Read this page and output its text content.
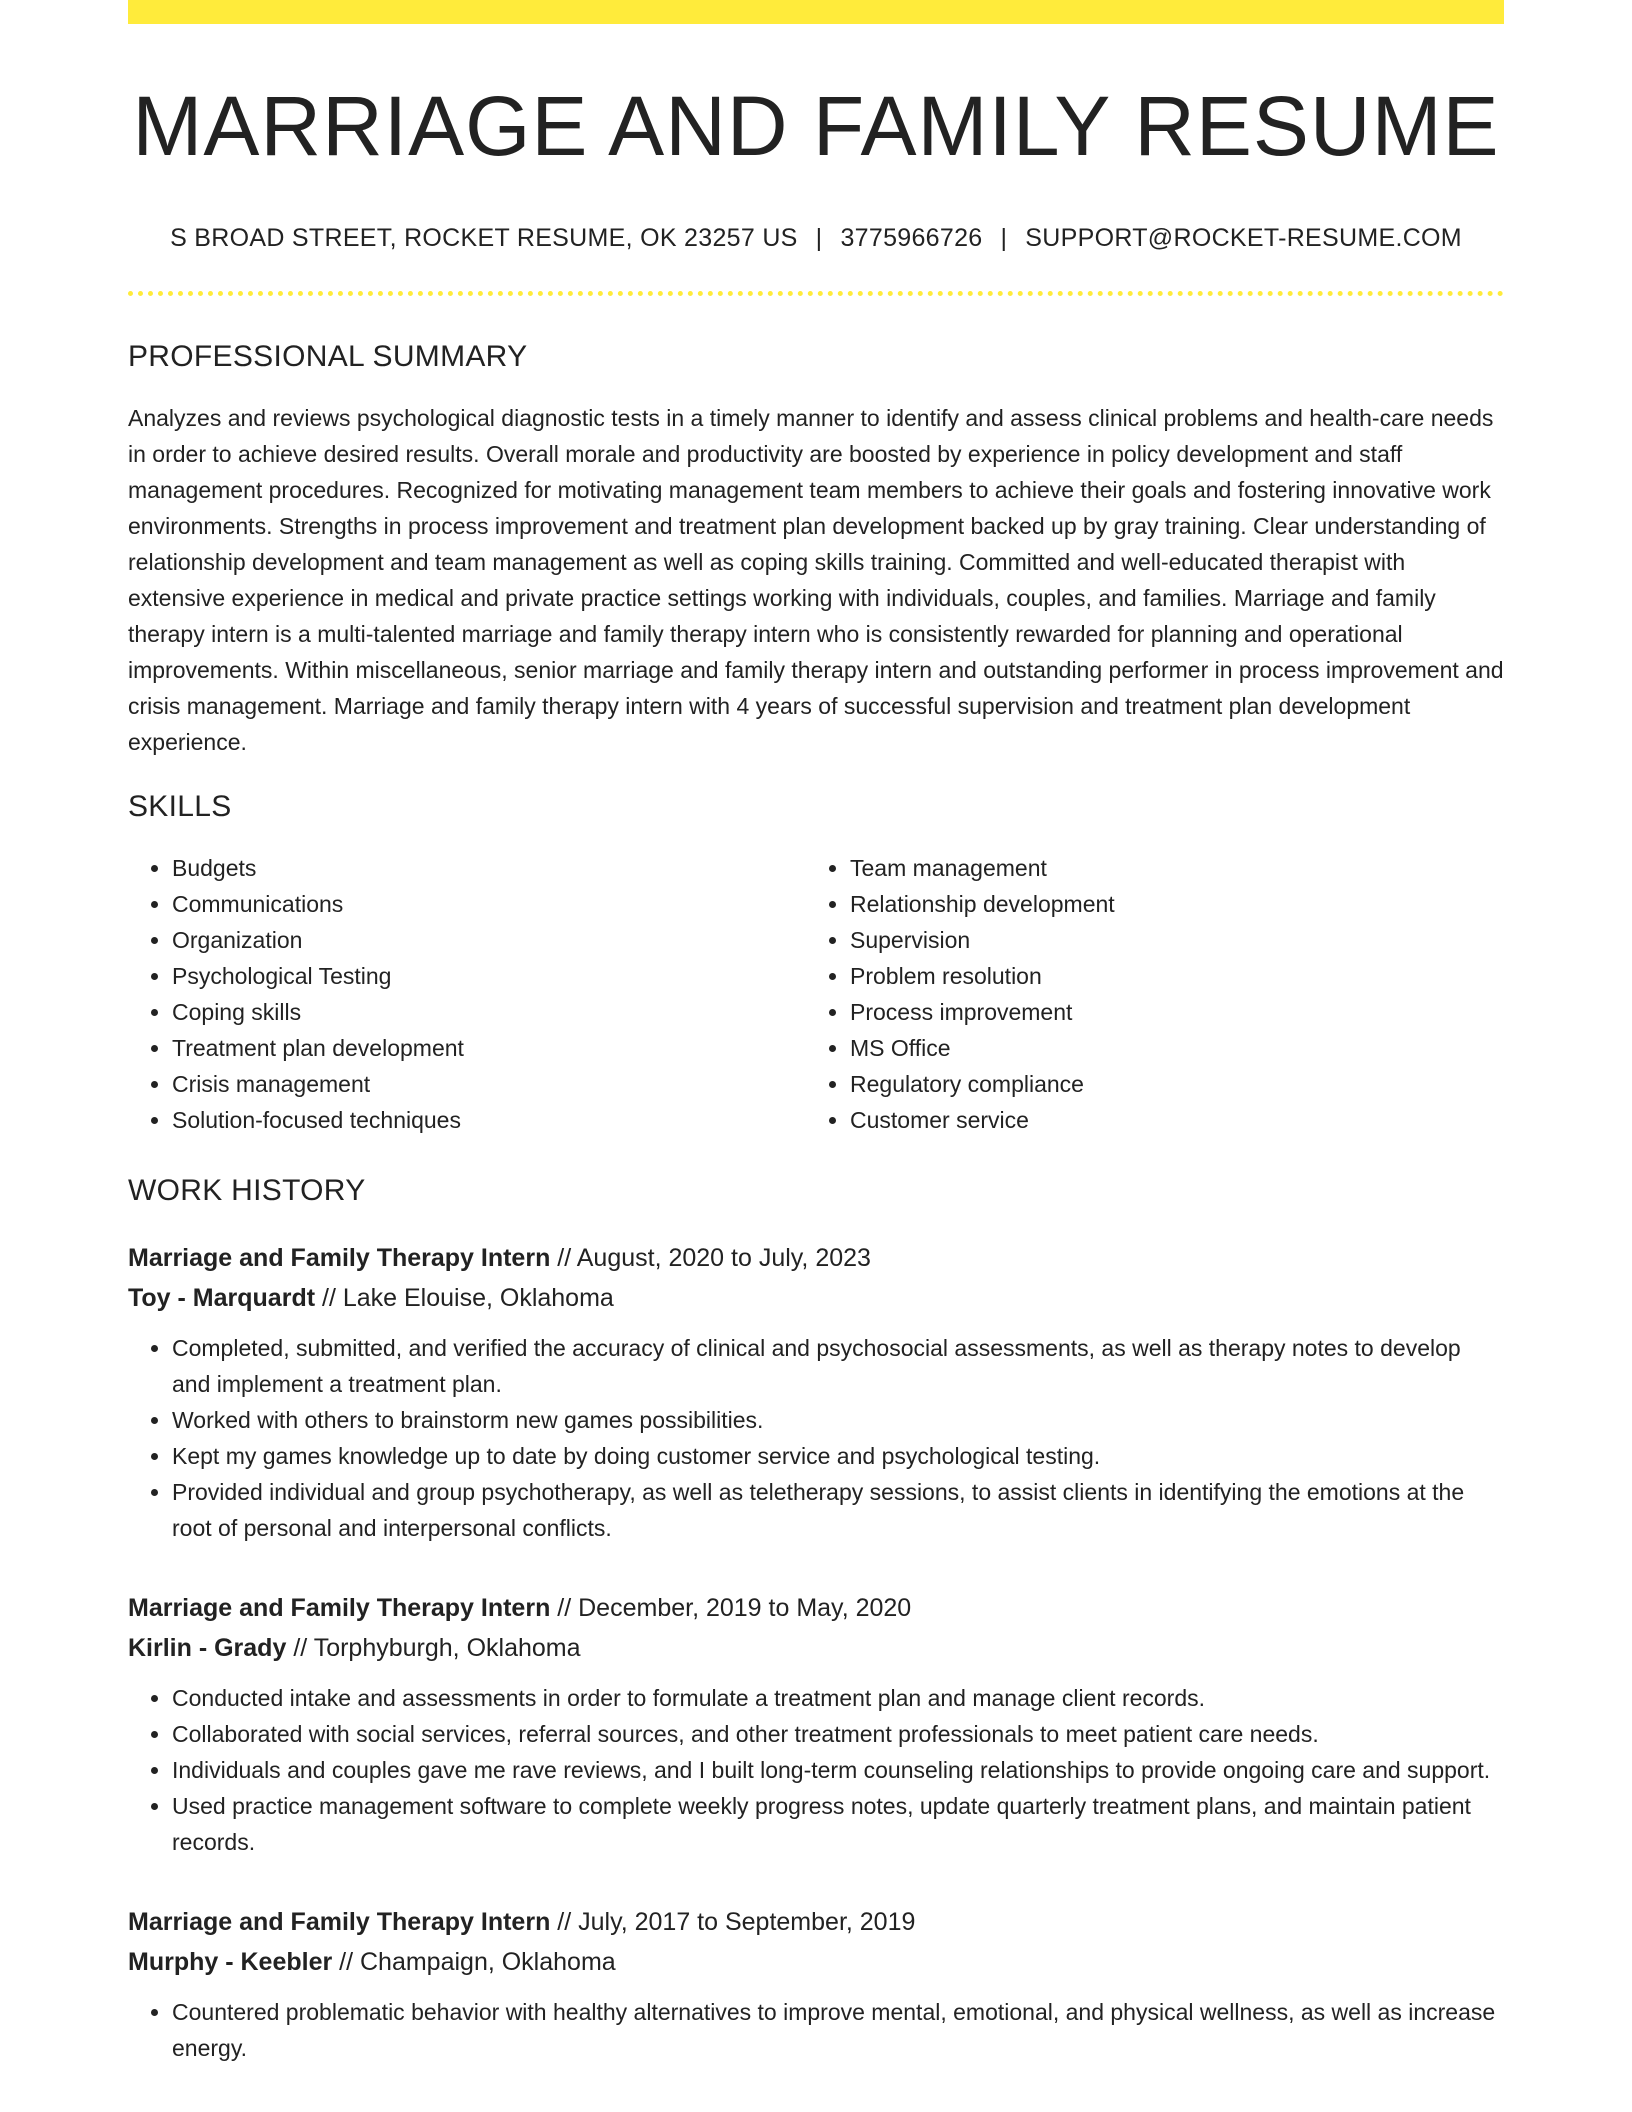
MARRIAGE AND FAMILY RESUME
S BROAD STREET, ROCKET RESUME, OK 23257 US | 3775966726 | SUPPORT@ROCKET-RESUME.COM
PROFESSIONAL SUMMARY

Analyzes and reviews psychological diagnostic tests in a timely manner to identify and assess clinical problems and health-care needs in order to achieve desired results. Overall morale and productivity are boosted by experience in policy development and staff management procedures. Recognized for motivating management team members to achieve their goals and fostering innovative work environments. Strengths in process improvement and treatment plan development backed up by gray training. Clear understanding of relationship development and team management as well as coping skills training. Committed and well-educated therapist with extensive experience in medical and private practice settings working with individuals, couples, and families. Marriage and family therapy intern is a multi-talented marriage and family therapy intern who is consistently rewarded for planning and operational improvements. Within miscellaneous, senior marriage and family therapy intern and outstanding performer in process improvement and crisis management. Marriage and family therapy intern with 4 years of successful supervision and treatment plan development experience.

SKILLS
• Budgets
• Communications
• Organization
• Psychological Testing
• Coping skills
• Treatment plan development
• Crisis management
• Solution-focused techniques
• Team management
• Relationship development
• Supervision
• Problem resolution
• Process improvement
• MS Office
• Regulatory compliance
• Customer service
WORK HISTORY
Marriage and Family Therapy Intern // August, 2020 to July, 2023
Toy - Marquardt // Lake Elouise, Oklahoma
• Completed, submitted, and verified the accuracy of clinical and psychosocial assessments, as well as therapy notes to develop and implement a treatment plan.
• Worked with others to brainstorm new games possibilities.
• Kept my games knowledge up to date by doing customer service and psychological testing.
• Provided individual and group psychotherapy, as well as teletherapy sessions, to assist clients in identifying the emotions at the root of personal and interpersonal conflicts.
Marriage and Family Therapy Intern // December, 2019 to May, 2020
Kirlin - Grady // Torphyburgh, Oklahoma
• Conducted intake and assessments in order to formulate a treatment plan and manage client records.
• Collaborated with social services, referral sources, and other treatment professionals to meet patient care needs.
• Individuals and couples gave me rave reviews, and I built long-term counseling relationships to provide ongoing care and support.
• Used practice management software to complete weekly progress notes, update quarterly treatment plans, and maintain patient records.
Marriage and Family Therapy Intern // July, 2017 to September, 2019
Murphy - Keebler // Champaign, Oklahoma
• Countered problematic behavior with healthy alternatives to improve mental, emotional, and physical wellness, as well as increase energy.
